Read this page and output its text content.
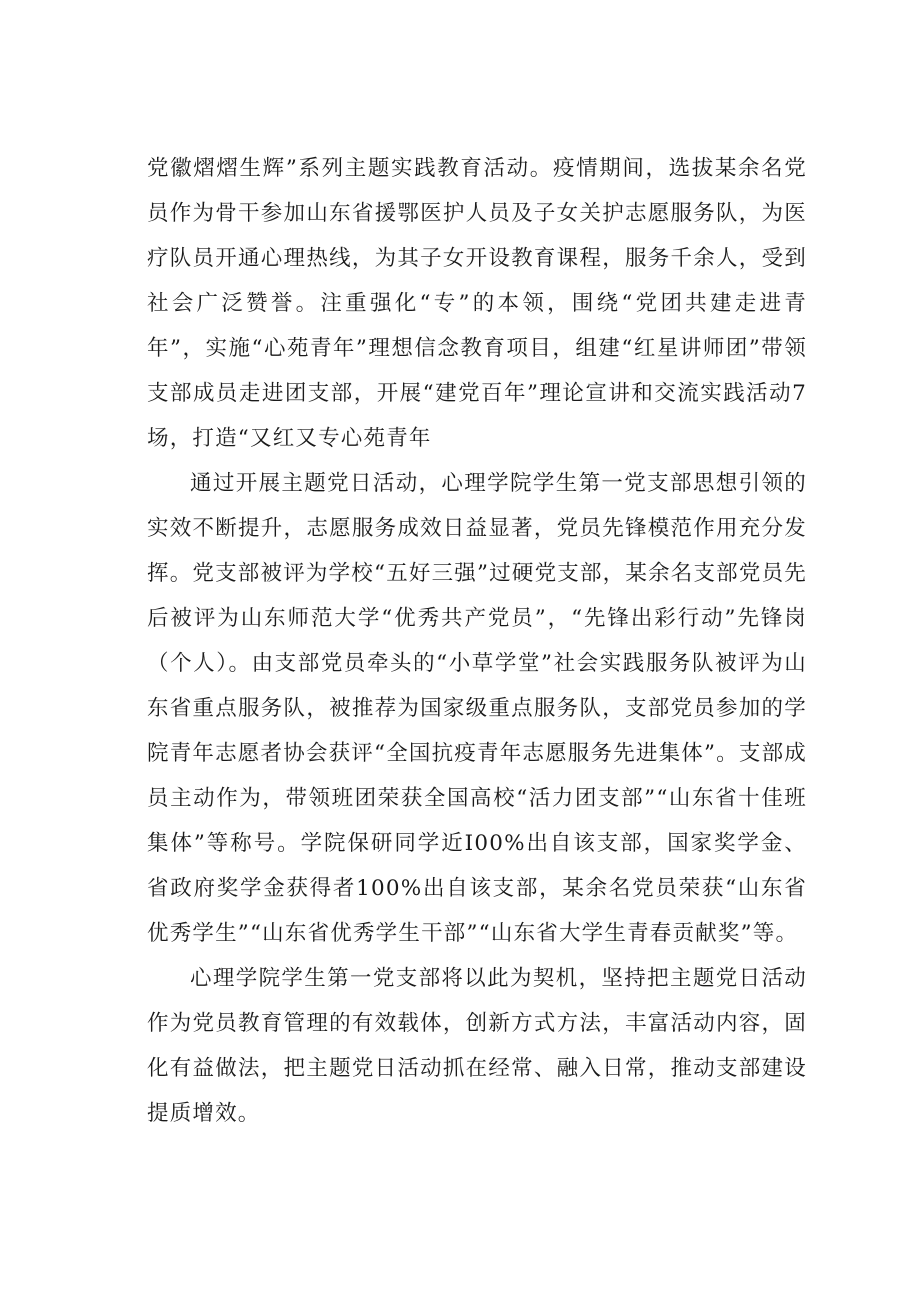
党徽熠熠生辉”系列主题实践教育活动。疫情期间，选拔某余名党员作为骨干参加山东省援鄂医护人员及子女关护志愿服务队，为医疗队员开通心理热线，为其子女开设教育课程，服务千余人，受到社会广泛赞誉。注重强化“专”的本领，围绕“党团共建走进青年”，实施“心苑青年”理想信念教育项目，组建“红星讲师团”带领支部成员走进团支部，开展“建党百年”理论宣讲和交流实践活动7场，打造“又红又专心苑青年

通过开展主题党日活动，心理学院学生第一党支部思想引领的实效不断提升，志愿服务成效日益显著，党员先锋模范作用充分发挥。党支部被评为学校“五好三强”过硬党支部，某余名支部党员先后被评为山东师范大学“优秀共产党员”，“先锋出彩行动”先锋岗（个人）。由支部党员牵头的“小草学堂”社会实践服务队被评为山东省重点服务队，被推荐为国家级重点服务队，支部党员参加的学院青年志愿者协会获评“全国抗疫青年志愿服务先进集体”。支部成员主动作为，带领班团荣获全国高校“活力团支部”“山东省十佳班集体”等称号。学院保研同学近I00%出自该支部，国家奖学金、省政府奖学金获得者100%出自该支部，某余名党员荣获“山东省优秀学生”“山东省优秀学生干部”“山东省大学生青春贡献奖”等。

心理学院学生第一党支部将以此为契机，坚持把主题党日活动作为党员教育管理的有效载体，创新方式方法，丰富活动内容，固化有益做法，把主题党日活动抓在经常、融入日常，推动支部建设提质增效。
